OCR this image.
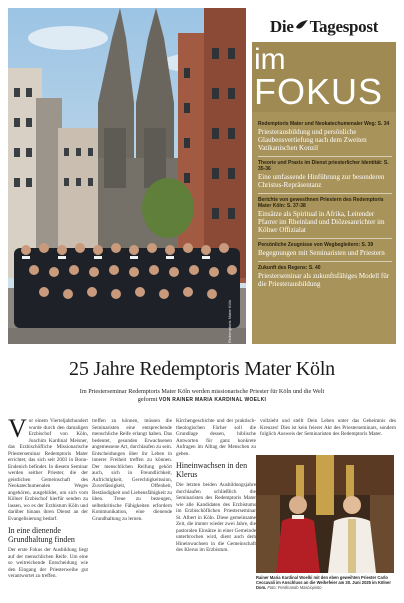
Foto: Redemptoris Mater Köln
Die Tagespost
im
FOKUS
Redemptoris Mater und Neokatechumenaler Weg: S. 34
Priesterausbildung und persönliche Glaubensvertiefung nach dem Zweiten Vatikanischen Konzil
Theorie und Praxis im Dienst priesterlicher Identität: S. 35-36
Eine umfassende Hinführung zur besonderen Christus-Repräsentanz
Berichte von gewesthnen Priestern des Redemptoris Mater Köln: S. 37-38
Einsätze als Spiritual in Afrika, Leitender Pfarrer im Rheinland und Diözesanrichter im Kölner Offizialat
Persönliche Zeugnisse von Wegbegleitern: S. 39
Begegnungen mit Seminaristen und Priestern
Zukunft des Regens: S. 40
Priesterseminar als zukunftsfähiges Modell für die Priesterausbildung
25 Jahre Redemptoris Mater Köln
Im Priesterseminar Redemptoris Mater Köln werden missionarische Priester für Köln und die Welt geformt VON RAINER MARIA KARDINAL WOELKI
V or einem Vierteljahrhundert wurde durch den damaligen Erzbischof von Köln, Joachim Kardinal Meisner, das Erzbischöfliche Missionarische Priesterseminar Redemptoris Mater errichtet, das sich seit 2003 in Bonn-Endenich befindet. In diesem Seminar werden seither Priester, die der geistlichen Gemeinschaft des Neokatechumenalen Weges angehören, ausgebildet, um sich vom Kölner Erzbischof hierfür senden zu lassen, wo es der Erzbistum Köln und darüber hinaus ihren Dienst an der Evangelisierung bedarf.

In eine dienende Grundhaltung finden

Der erste Fokus der Ausbildung liegt auf der menschlichen Reife. Um eine so weitreichende Entscheidung wie den Eingang der Priesterweihe gut verantwortet zu treffen.

treffen zu können, müssen die Seminaristen eine entsprechende menschliche Reife erlangt haben. Das bedeutet, gesunden Erwachsenen angemessene Art, durchlaufen zu sein. Entscheidungen über ihr Leben in innerer Freiheit treffen zu können. Der menschlichen Reifung gehört auch, sich in Freundlichkeit, Aufrichtigkeit, Gerechtigkeitssinn, Zuverlässigkeit, Offenheit, Beständigkeit und Liebensfähigkeit zu üben. Treue zu bezeugen, selbstkritische Fähigkeiten erfordern Kommunikation, eine dienende Grundhaltung zu lernen.

Kirchengeschichte und der praktisch-theologischen Fächer soll die Grundlage dessen, biblische Antworten für ganz konkrete Anfragen im Alltag der Menschen zu geben.

Hineinwachsen in den Klerus

Die letzten beiden Ausbildungsjahre durchlaufen schließlich die Seminaristen des Redemptoris Mater wie alle Kandidaten des Erzbistums im Erzbischöflichen Priesterseminar St. Albert in Köln. Diese gemeinsame Zeit, die immer wieder zwei Jahre, die pastoralen Einsätze in einer Gemeinde unterbrochen wird, dient auch dem Hineinwachsen in die Gemeinschaft des Klerus im Erzbistum.

vollzieht und stellt Dein Leben unter das Geheimnis des Kreuzes! Dies ist kein feierer Akt des Priesterseminars, sondern folglich Ausweis der Seminaristen des Redemptoris Mater.

Rainer Maria Kardinal Woelki mit den eben geweihten Priester Carlo Ceccavali im Anschluss an die Weihefeier am 30. Juni 2025 im Kölner Dom. Foto: Ferdinando Masciopinto
